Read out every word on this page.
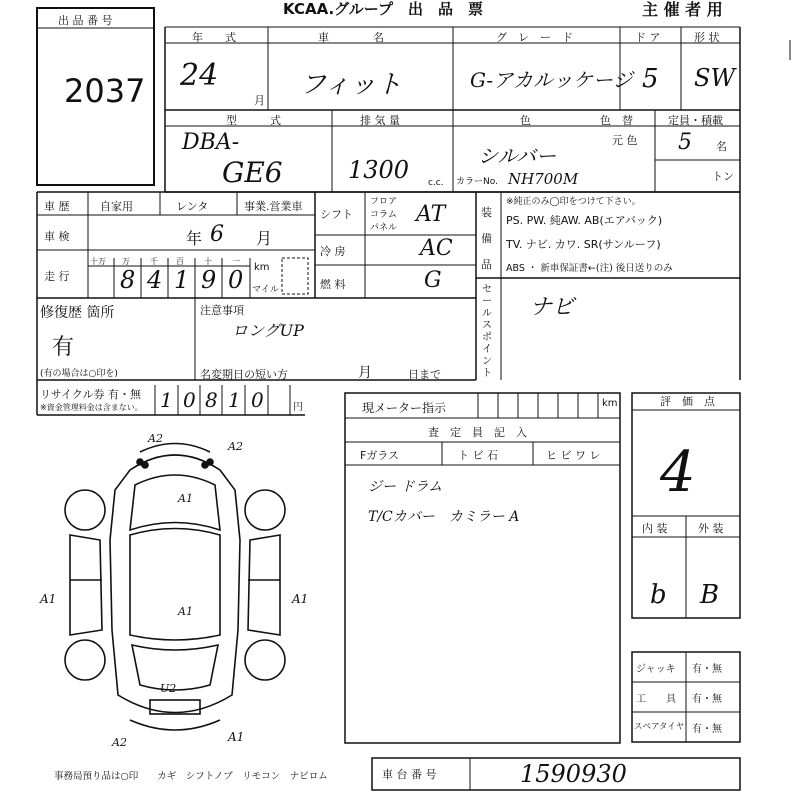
A2
A2
A1
A1
A1
A1
U2
A2	A1
KCAA.グループ　出　品　票	主 催 者 用
出 品 番 号
2037
年　　式	車　　　　名	グ　レ　ー　ド	ド ア	形 状
24
月
フィット	G-アカルッケージ 5 SW
型　　　式	排 気 量	色	色　替
元 色
定員・積載
DBA-
GE6	1300 c.c.
シルバー
カラーNo. NH700M
5 名
トン
車 歴	自家用	レンタ	事業.営業車
車 検	年 6 月
走 行
十万 万	千 百	十	一
8 4 1 9 0 km
マイル
シフト
フロア
コラム
パネル
AT
冷 房	AC
燃 料	G
装 備 品
※純正のみ◯印をつけて下さい。
PS. PW. 純AW. AB(エアバック)
TV. ナビ. カワ. SR(サンルーフ)
ABS ・ 新車保証書←(注) 後日送りのみ
修復歴 箇所
有
(有の場合は○印を)
注意事項
ロングUP
名変期日の短い方	月	日まで
セールスポイント
ナビ
リサイクル券 有・無
※資金管理料金は含まない。 1 0 8 1 0	円	現メーター指示	km
査　定　員　記　入
Fガラス	ト ビ 石	ヒ ビ ワ レ
ジー ドラム
T/Cカバー　カミラー A
評　価　点
4
内 装	外 装
b B
ジャッキ 有・無
工　　具 有・無
スペアタイヤ 有・無
車 台 番 号	1590930
事務局預り品は○印　　カギ　シフトノブ　リモコン　ナビロム
